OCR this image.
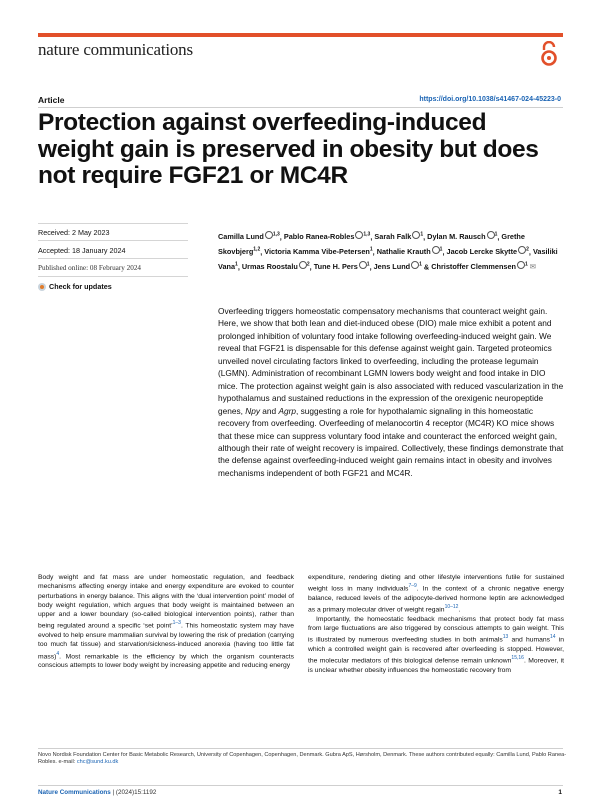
nature communications
Article	https://doi.org/10.1038/s41467-024-45223-0
Protection against overfeeding-induced weight gain is preserved in obesity but does not require FGF21 or MC4R
Received: 2 May 2023
Accepted: 18 January 2024
Published online: 08 February 2024
Check for updates
Camilla Lund $^{1,3}$, Pablo Ranea-Robles $^{1,3}$, Sarah Falk $^1$, Dylan M. Rausch $^1$, Grethe Skovbjerg$^{1,2}$, Victoria Kamma Vibe-Petersen$^1$, Nathalie Krauth $^1$, Jacob Lercke Skytte $^2$, Vasiliki Vana$^1$, Urmas Roostalu $^2$, Tune H. Pers $^1$, Jens Lund $^1$ & Christoffer Clemmensen $^1$ ✉

Overfeeding triggers homeostatic compensatory mechanisms that counteract weight gain. Here, we show that both lean and diet-induced obese (DIO) male mice exhibit a potent and prolonged inhibition of voluntary food intake following overfeeding-induced weight gain. We reveal that FGF21 is dispensable for this defense against weight gain. Targeted proteomics unveiled novel circulating factors linked to overfeeding, including the protease legumain (LGMN). Administration of recombinant LGMN lowers body weight and food intake in DIO mice. The protection against weight gain is also associated with reduced vascularization in the hypothalamus and sustained reductions in the expression of the orexigenic neuropeptide genes, Npy and Agrp, suggesting a role for hypothalamic signaling in this homeostatic recovery from overfeeding. Overfeeding of melanocortin 4 receptor (MC4R) KO mice shows that these mice can suppress voluntary food intake and counteract the enforced weight gain, although their rate of weight recovery is impaired. Collectively, these findings demonstrate that the defense against overfeeding-induced weight gain remains intact in obesity and involves mechanisms independent of both FGF21 and MC4R.

Body weight and fat mass are under homeostatic regulation, and feedback mechanisms affecting energy intake and energy expenditure are evoked to counter perturbations in energy balance. This aligns with the ‘dual intervention point’ model of body weight regulation, which argues that body weight is maintained between an upper and a lower boundary (so-called biological intervention points), rather than being regulated around a specific ‘set point’$^{1-3}$. This homeostatic system may have evolved to help ensure mammalian survival by lowering the risk of predation (carrying too much fat tissue) and starvation/sickness-induced anorexia (having too little fat mass)$^4$. Most remarkable is the efficiency by which the organism counteracts conscious attempts to lower body weight by increasing appetite and reducing energy

expenditure, rendering dieting and other lifestyle interventions futile for sustained weight loss in many individuals$^{7-9}$. In the context of a chronic negative energy balance, reduced levels of the adipocyte-derived hormone leptin are acknowledged as a primary molecular driver of weight regain$^{10-12}$.
Importantly, the homeostatic feedback mechanisms that protect body fat mass from large fluctuations are also triggered by conscious attempts to gain weight. This is illustrated by numerous overfeeding studies in both animals$^{13}$ and humans$^{14}$ in which a controlled weight gain is recovered after overfeeding is stopped. However, the molecular mediators of this biological defense remain unknown$^{15,16}$. Moreover, it is unclear whether obesity influences the homeostatic recovery from

Novo Nordisk Foundation Center for Basic Metabolic Research, University of Copenhagen, Copenhagen, Denmark. Gubra ApS, Hørsholm, Denmark. These authors contributed equally: Camilla Lund, Pablo Ranea-Robles. e-mail: chc@sund.ku.dk

Nature Communications | (2024)15:1192	1
